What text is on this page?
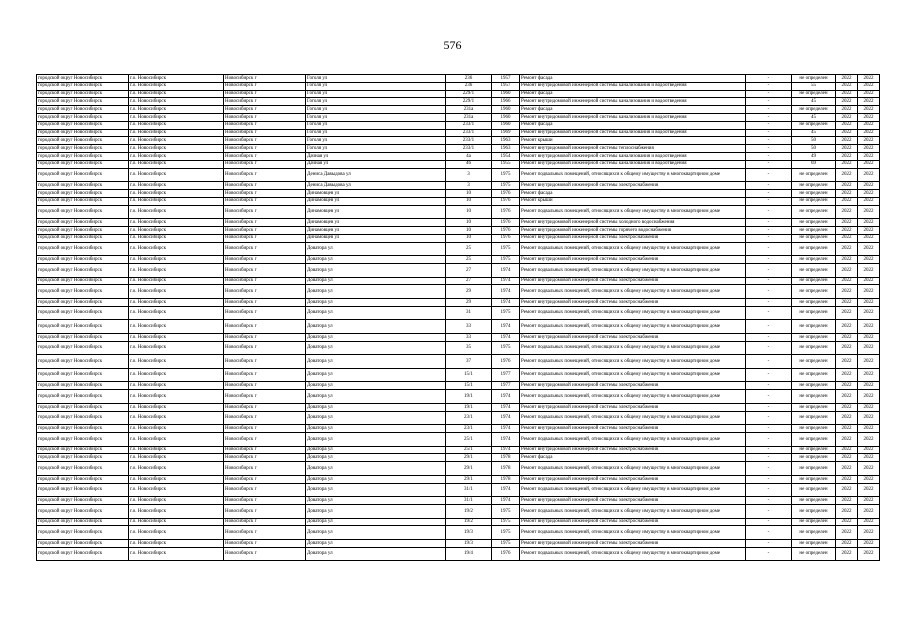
576
городской округ Новосибирск	г.о. Новосибирск	Новосибирск г	Гоголя ул	236	1957	Ремонт фасада	-	не определен	2022	2022
городской округ Новосибирск	г.о. Новосибирск	Новосибирск г	Гоголя ул	236	1957	Ремонт внутридомовой инженерной системы канализования и водоотведения	-	55	2022	2022
городской округ Новосибирск	г.о. Новосибирск	Новосибирск г	Гоголя ул	229/1	1960	Ремонт фасада	-	не определен	2022	2022
городской округ Новосибирск	г.о. Новосибирск	Новосибирск г	Гоголя ул	229/1	1966	Ремонт внутридомовой инженерной системы канализования и водоотведения	-	45	2022	2022
городской округ Новосибирск	г.о. Новосибирск	Новосибирск г	Гоголя ул	231а	1960	Ремонт фасада	-	не определен	2022	2022
городской округ Новосибирск	г.о. Новосибирск	Новосибирск г	Гоголя ул	231а	1960	Ремонт внутридомовой инженерной системы канализования и водоотведения	-	45	2022	2022
городской округ Новосибирск	г.о. Новосибирск	Новосибирск г	Гоголя ул	233/1	1960	Ремонт фасада	-	не определен	2022	2022
городской округ Новосибирск	г.о. Новосибирск	Новосибирск г	Гоголя ул	233/1	1969	Ремонт внутридомовой инженерной системы канализования и водоотведения	-	45	2022	2022
городской округ Новосибирск	г.о. Новосибирск	Новосибирск г	Гоголя ул	233/1	1963	Ремонт крыши	-	50	2022	2022
городской округ Новосибирск	г.о. Новосибирск	Новосибирск г	Гоголя ул	233/1	1963	Ремонт внутридомовой инженерной системы теплоснабжения	-	50	2022	2022
городской округ Новосибирск	г.о. Новосибирск	Новосибирск г	Дачная ул	4а	1954	Ремонт внутридомовой инженерной системы канализования и водоотведения	-	49	2022	2022
городской округ Новосибирск	г.о. Новосибирск	Новосибирск г	Дачная ул	46	1955	Ремонт внутридомовой инженерной системы канализования и водоотведения	-	69	2022	2022
городской округ Новосибирск	г.о. Новосибирск	Новосибирск г	Дениса Давыдова ул	3	1975	Ремонт подвальных помещений, относящихся к общему имуществу в многоквартирном доме	-	не определен	2022	2022
городской округ Новосибирск	г.о. Новосибирск	Новосибирск г	Дениса Давыдова ул	3	1975	Ремонт внутридомовой инженерной системы электроснабжения	-	не определен	2022	2022
городской округ Новосибирск	г.о. Новосибирск	Новосибирск г	Динамовцев ул	10	1976	Ремонт фасада	-	не определен	2022	2022
городской округ Новосибирск	г.о. Новосибирск	Новосибирск г	Динамовцев ул	10	1976	Ремонт крыши	-	не определен	2022	2022
городской округ Новосибирск	г.о. Новосибирск	Новосибирск г	Динамовцев ул	10	1976	Ремонт подвальных помещений, относящихся к общему имуществу в многоквартирном доме	-	не определен	2022	2022
городской округ Новосибирск	г.о. Новосибирск	Новосибирск г	Динамовцев ул	10	1976	Ремонт внутридомовой инженерной системы холодного водоснабжения	-	не определен	2022	2022
городской округ Новосибирск	г.о. Новосибирск	Новосибирск г	Динамовцев ул	10	1976	Ремонт внутридомовой инженерной системы горячего водоснабжения	-	не определен	2022	2022
городской округ Новосибирск	г.о. Новосибирск	Новосибирск г	Динамовцев ул	10	1976	Ремонт внутридомовой инженерной системы электроснабжения	-	не определен	2022	2022
городской округ Новосибирск	г.о. Новосибирск	Новосибирск г	Доватора ул	25	1975	Ремонт подвальных помещений, относящихся к общему имуществу в многоквартирном доме	-	не определен	2022	2022
городской округ Новосибирск	г.о. Новосибирск	Новосибирск г	Доватора ул	25	1975	Ремонт внутридомовой инженерной системы электроснабжения	-	не определен	2022	2022
городской округ Новосибирск	г.о. Новосибирск	Новосибирск г	Доватора ул	27	1974	Ремонт подвальных помещений, относящихся к общему имуществу в многоквартирном доме	-	не определен	2022	2022
городской округ Новосибирск	г.о. Новосибирск	Новосибирск г	Доватора ул	27	1974	Ремонт внутридомовой инженерной системы электроснабжения	-	не определен	2022	2022
городской округ Новосибирск	г.о. Новосибирск	Новосибирск г	Доватора ул	29	1974	Ремонт подвальных помещений, относящихся к общему имуществу в многоквартирном доме	-	не определен	2022	2022
городской округ Новосибирск	г.о. Новосибирск	Новосибирск г	Доватора ул	29	1974	Ремонт внутридомовой инженерной системы электроснабжения	-	не определен	2022	2022
городской округ Новосибирск	г.о. Новосибирск	Новосибирск г	Доватора ул	31	1975	Ремонт подвальных помещений, относящихся к общему имуществу в многоквартирном доме	-	не определен	2022	2022
городской округ Новосибирск	г.о. Новосибирск	Новосибирск г	Доватора ул	33	1974	Ремонт подвальных помещений, относящихся к общему имуществу в многоквартирном доме	-	не определен	2022	2022
городской округ Новосибирск	г.о. Новосибирск	Новосибирск г	Доватора ул	33	1974	Ремонт внутридомовой инженерной системы электроснабжения	-	не определен	2022	2022
городской округ Новосибирск	г.о. Новосибирск	Новосибирск г	Доватора ул	35	1975	Ремонт подвальных помещений, относящихся к общему имуществу в многоквартирном доме	-	не определен	2022	2022
городской округ Новосибирск	г.о. Новосибирск	Новосибирск г	Доватора ул	37	1976	Ремонт подвальных помещений, относящихся к общему имуществу в многоквартирном доме	-	не определен	2022	2022
городской округ Новосибирск	г.о. Новосибирск	Новосибирск г	Доватора ул	15/1	1977	Ремонт подвальных помещений, относящихся к общему имуществу в многоквартирном доме	-	не определен	2022	2022
городской округ Новосибирск	г.о. Новосибирск	Новосибирск г	Доватора ул	15/1	1977	Ремонт внутридомовой инженерной системы электроснабжения	-	не определен	2022	2022
городской округ Новосибирск	г.о. Новосибирск	Новосибирск г	Доватора ул	19/1	1974	Ремонт подвальных помещений, относящихся к общему имуществу в многоквартирном доме	-	не определен	2022	2022
городской округ Новосибирск	г.о. Новосибирск	Новосибирск г	Доватора ул	19/1	1974	Ремонт внутридомовой инженерной системы электроснабжения	-	не определен	2022	2022
городской округ Новосибирск	г.о. Новосибирск	Новосибирск г	Доватора ул	23/1	1974	Ремонт подвальных помещений, относящихся к общему имуществу в многоквартирном доме	-	не определен	2022	2022
городской округ Новосибирск	г.о. Новосибирск	Новосибирск г	Доватора ул	23/1	1974	Ремонт внутридомовой инженерной системы электроснабжения	-	не определен	2022	2022
городской округ Новосибирск	г.о. Новосибирск	Новосибирск г	Доватора ул	25/1	1974	Ремонт подвальных помещений, относящихся к общему имуществу в многоквартирном доме	-	не определен	2022	2022
городской округ Новосибирск	г.о. Новосибирск	Новосибирск г	Доватора ул	25/1	1974	Ремонт внутридомовой инженерной системы электроснабжения	-	не определен	2022	2022
городской округ Новосибирск	г.о. Новосибирск	Новосибирск г	Доватора ул	29/1	1978	Ремонт фасада	-	не определен	2022	2022
городской округ Новосибирск	г.о. Новосибирск	Новосибирск г	Доватора ул	29/1	1978	Ремонт подвальных помещений, относящихся к общему имуществу в многоквартирном доме	-	не определен	2022	2022
городской округ Новосибирск	г.о. Новосибирск	Новосибирск г	Доватора ул	29/1	1978	Ремонт внутридомовой инженерной системы электроснабжения	-	не определен	2022	2022
городской округ Новосибирск	г.о. Новосибирск	Новосибирск г	Доватора ул	31/1	1974	Ремонт подвальных помещений, относящихся к общему имуществу в многоквартирном доме	-	не определен	2022	2022
городской округ Новосибирск	г.о. Новосибирск	Новосибирск г	Доватора ул	31/1	1974	Ремонт внутридомовой инженерной системы электроснабжения	-	не определен	2022	2022
городской округ Новосибирск	г.о. Новосибирск	Новосибирск г	Доватора ул	19/2	1975	Ремонт подвальных помещений, относящихся к общему имуществу в многоквартирном доме	-	не определен	2022	2022
городской округ Новосибирск	г.о. Новосибирск	Новосибирск г	Доватора ул	19/2	1975	Ремонт внутридомовой инженерной системы электроснабжения	-	не определен	2022	2022
городской округ Новосибирск	г.о. Новосибирск	Новосибирск г	Доватора ул	19/3	1975	Ремонт подвальных помещений, относящихся к общему имуществу в многоквартирном доме	-	не определен	2022	2022
городской округ Новосибирск	г.о. Новосибирск	Новосибирск г	Доватора ул	19/3	1975	Ремонт внутридомовой инженерной системы электроснабжения	-	не определен	2022	2022
городской округ Новосибирск	г.о. Новосибирск	Новосибирск г	Доватора ул	19/4	1976	Ремонт подвальных помещений, относящихся к общему имуществу в многоквартирном доме	-	не определен	2022	2022
